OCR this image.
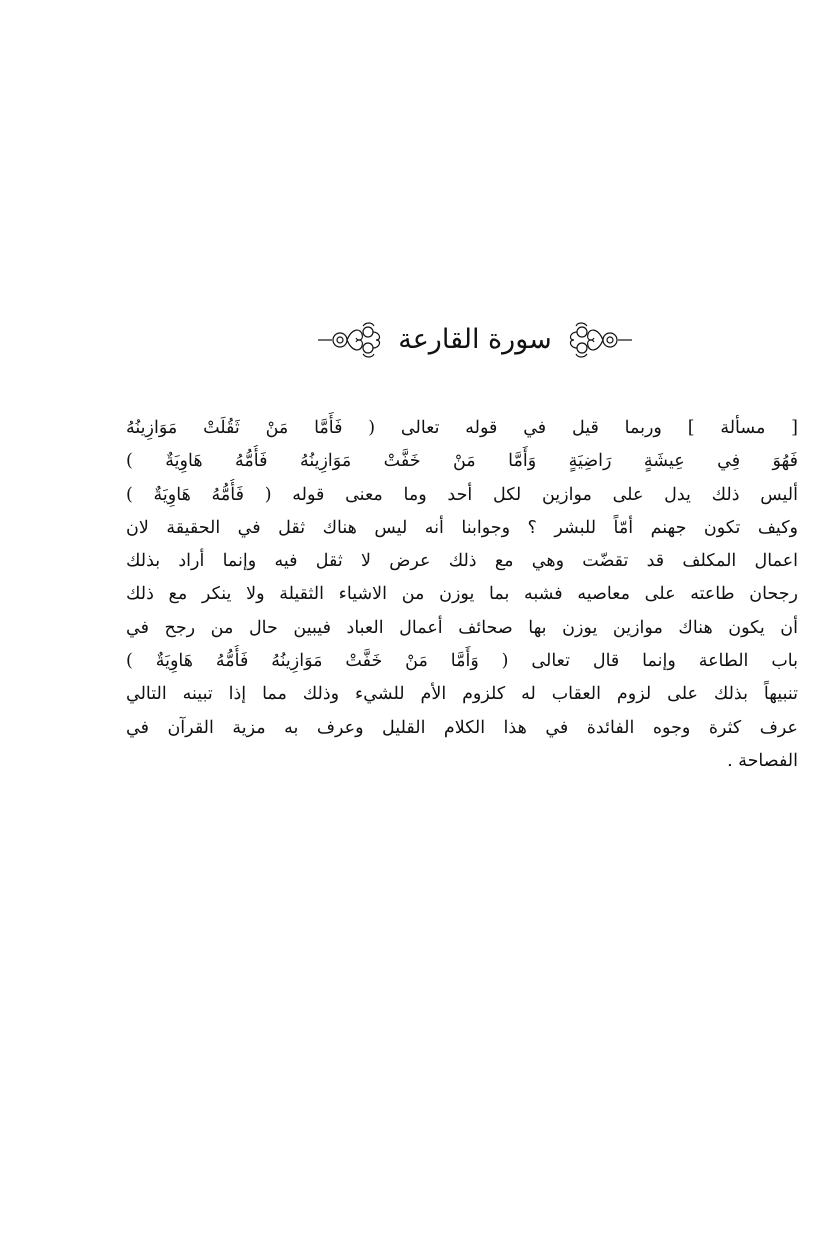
سورة القارعة
[ مسألة ] وربما قيل في قوله تعالى ( فَأَمَّا مَنْ ثَقُلَتْ مَوَازِينُهُ
فَهُوَ فِي عِيشَةٍ رَاضِيَةٍ وَأَمَّا مَنْ خَفَّتْ مَوَازِينُهُ فَأُمُّهُ هَاوِيَةٌ )
أليس ذلك يدل على موازين لكل أحد وما معنى قوله ( فَأُمُّهُ هَاوِيَةٌ )
وكيف تكون جهنم أمّاً للبشر ؟ وجوابنا أنه ليس هناك ثقل في الحقيقة لان
اعمال المكلف قد تقضّت وهي مع ذلك عرض لا ثقل فيه وإنما أراد بذلك
رجحان طاعته على معاصيه فشبه بما يوزن من الاشياء الثقيلة ولا ينكر مع ذلك
أن يكون هناك موازين يوزن بها صحائف أعمال العباد فيبين حال من رجح في
باب الطاعة وإنما قال تعالى ( وَأَمَّا مَنْ خَفَّتْ مَوَازِينُهُ فَأُمُّهُ هَاوِيَةٌ )
تنبيهاً بذلك على لزوم العقاب له كلزوم الأم للشيء وذلك مما إذا تبينه التالي
عرف كثرة وجوه الفائدة في هذا الكلام القليل وعرف به مزية القرآن في
الفصاحة .
